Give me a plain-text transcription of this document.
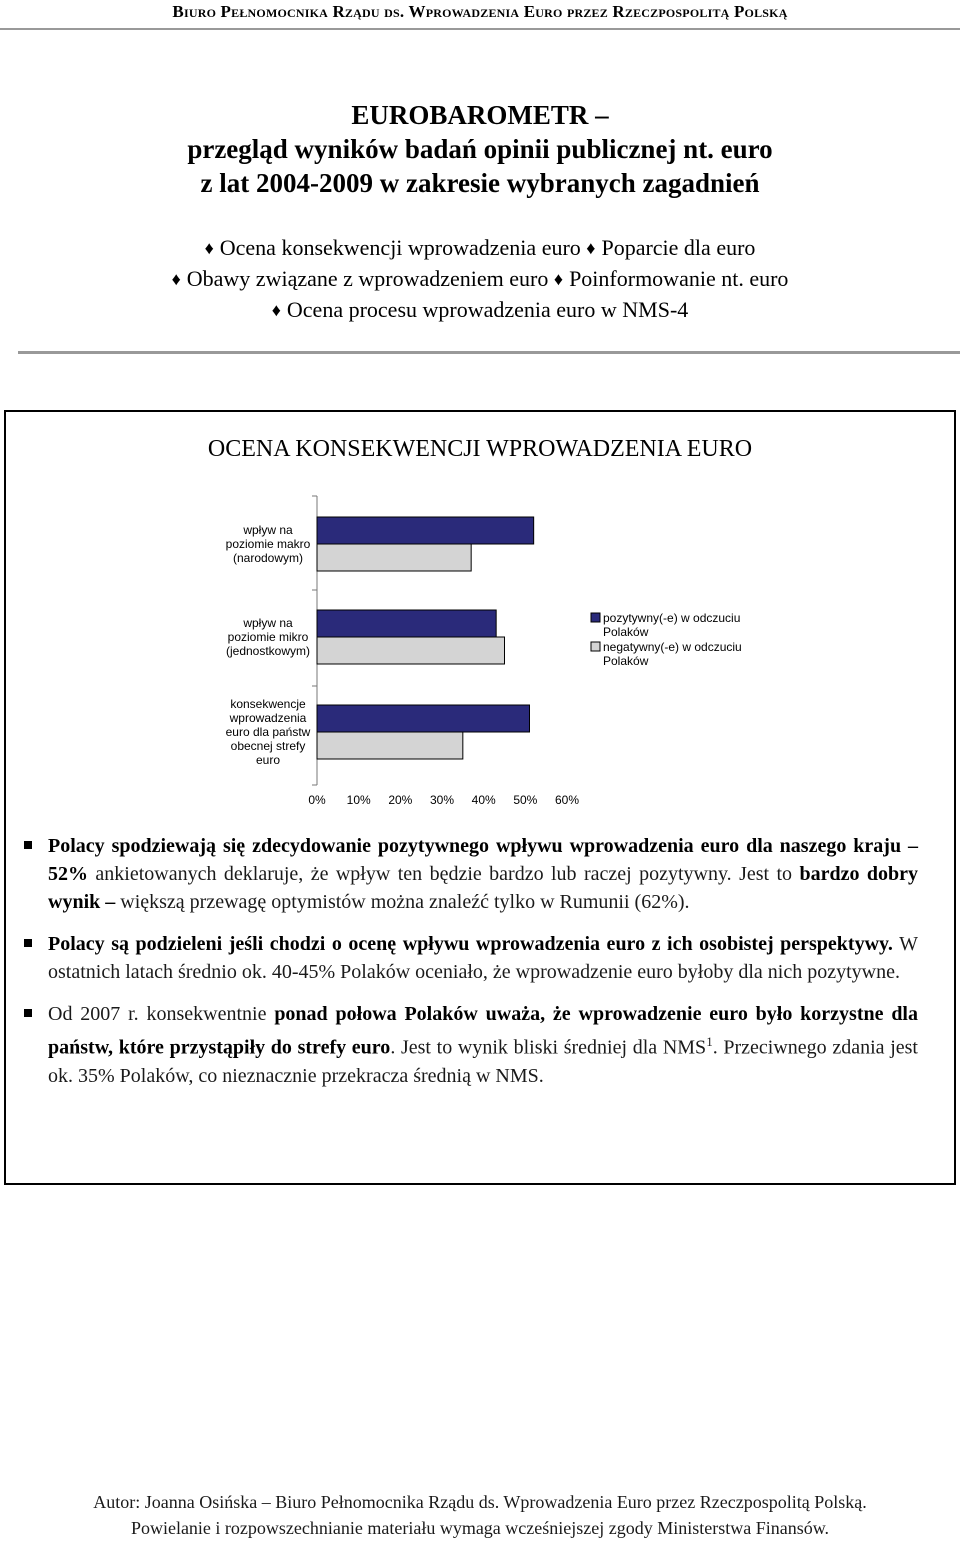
Biuro Pełnomocnika Rządu ds. Wprowadzenia Euro przez Rzeczpospolitą Polską
EUROBAROMETR –
przegląd wyników badań opinii publicznej nt. euro
z lat 2004-2009 w zakresie wybranych zagadnień
♦ Ocena konsekwencji wprowadzenia euro ♦ Poparcie dla euro
♦ Obawy związane z wprowadzeniem euro ♦ Poinformowanie nt. euro
♦ Ocena procesu wprowadzenia euro w NMS-4
OCENA KONSEKWENCJI WPROWADZENIA EURO
wpływ na poziomie makro (narodowym)
wpływ na poziomie mikro (jednostkowym)
konsekwencje wprowadzenia euro dla państw obecnej strefy euro
0% 10% 20% 30% 40% 50% 60%
pozytywny(-e) w odczuciu Polaków
negatywny(-e) w odczuciu Polaków
Polacy spodziewają się zdecydowanie pozytywnego wpływu wprowadzenia euro dla naszego kraju – 52% ankietowanych deklaruje, że wpływ ten będzie bardzo lub raczej pozytywny. Jest to bardzo dobry wynik – większą przewagę optymistów można znaleźć tylko w Rumunii (62%).
Polacy są podzieleni jeśli chodzi o ocenę wpływu wprowadzenia euro z ich osobistej perspektywy. W ostatnich latach średnio ok. 40-45% Polaków oceniało, że wprowadzenie euro byłoby dla nich pozytywne.
Od 2007 r. konsekwentnie ponad połowa Polaków uważa, że wprowadzenie euro było korzystne dla państw, które przystąpiły do strefy euro. Jest to wynik bliski średniej dla NMS$^1$. Przeciwnego zdania jest ok. 35% Polaków, co nieznacznie przekracza średnią w NMS.
Autor: Joanna Osińska – Biuro Pełnomocnika Rządu ds. Wprowadzenia Euro przez Rzeczpospolitą Polską.
Powielanie i rozpowszechnianie materiału wymaga wcześniejszej zgody Ministerstwa Finansów.
